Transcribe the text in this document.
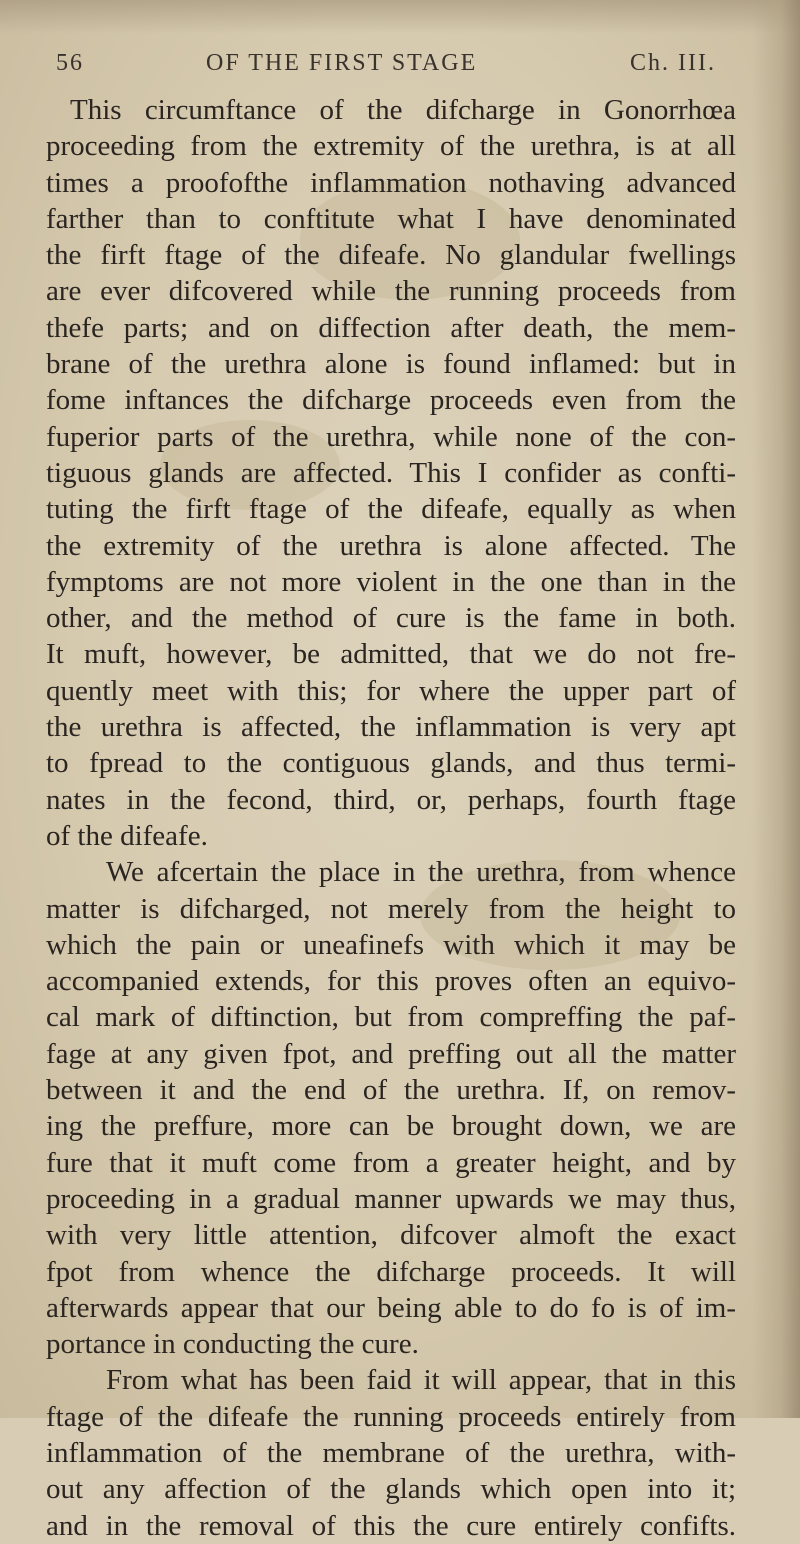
56	OF THE FIRST STAGE	Ch. III.
This circumftance of the difcharge in Gonorrhœa
proceeding from the extremity of the urethra, is at all
times a proofofthe inflammation nothaving advanced
farther than to conftitute what I have denominated
the firft ftage of the difeafe. No glandular fwellings
are ever difcovered while the running proceeds from
thefe parts; and on diffection after death, the mem-
brane of the urethra alone is found inflamed: but in
fome inftances the difcharge proceeds even from the
fuperior parts of the urethra, while none of the con-
tiguous glands are affected. This I confider as confti-
tuting the firft ftage of the difeafe, equally as when
the extremity of the urethra is alone affected. The
fymptoms are not more violent in the one than in the
other, and the method of cure is the fame in both.
It muft, however, be admitted, that we do not fre-
quently meet with this; for where the upper part of
the urethra is affected, the inflammation is very apt
to fpread to the contiguous glands, and thus termi-
nates in the fecond, third, or, perhaps, fourth ftage
of the difeafe.
We afcertain the place in the urethra, from whence
matter is difcharged, not merely from the height to
which the pain or uneafinefs with which it may be
accompanied extends, for this proves often an equivo-
cal mark of diftinction, but from compreffing the paf-
fage at any given fpot, and preffing out all the matter
between it and the end of the urethra. If, on remov-
ing the preffure, more can be brought down, we are
fure that it muft come from a greater height, and by
proceeding in a gradual manner upwards we may thus,
with very little attention, difcover almoft the exact
fpot from whence the difcharge proceeds. It will
afterwards appear that our being able to do fo is of im-
portance in conducting the cure.
From what has been faid it will appear, that in this
ftage of the difeafe the running proceeds entirely from
inflammation of the membrane of the urethra, with-
out any affection of the glands which open into it;
and in the removal of this the cure entirely confifts.
